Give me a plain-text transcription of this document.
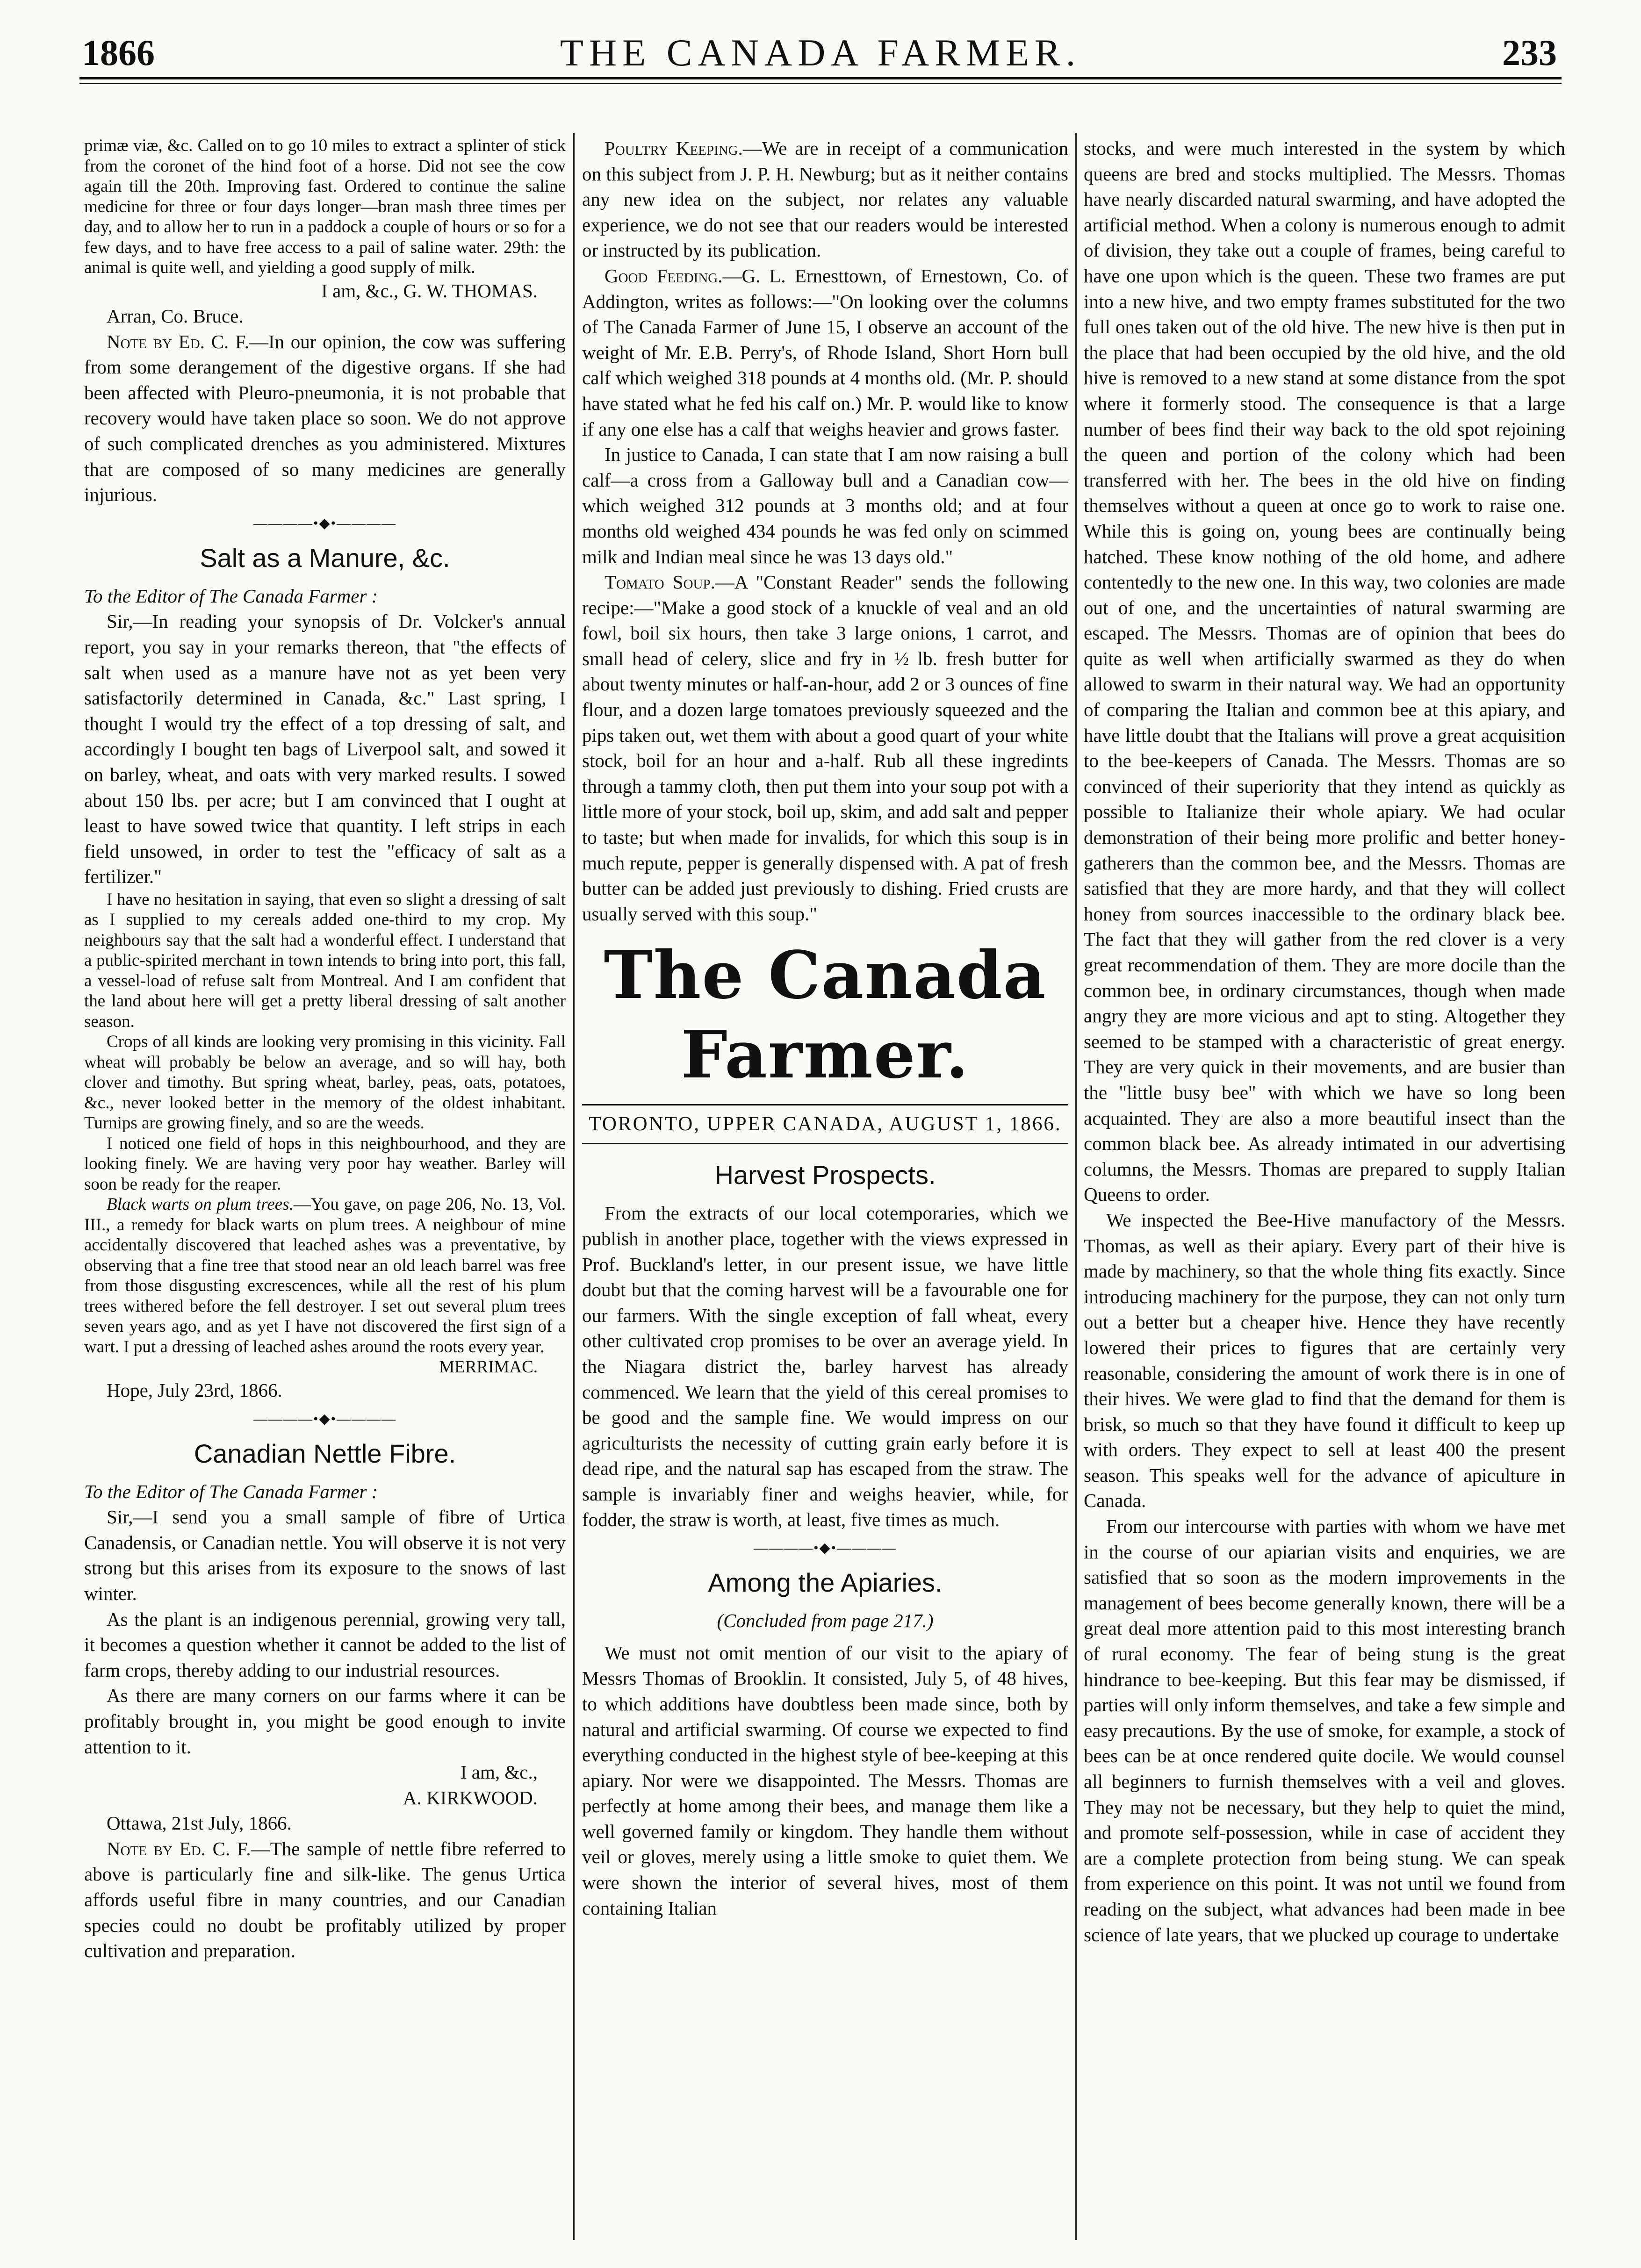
1866	THE CANADA FARMER.	233

primæ viæ, &c. Called on to go 10 miles to extract a splinter of stick from the coronet of the hind foot of a horse. Did not see the cow again till the 20th. Improving fast. Ordered to continue the saline medicine for three or four days longer—bran mash three times per day, and to allow her to run in a paddock a couple of hours or so for a few days, and to have free access to a pail of saline water. 29th: the animal is quite well, and yielding a good supply of milk.

I am, &c., G. W. THOMAS.

Arran, Co. Bruce.

Note by Ed. C. F.—In our opinion, the cow was suffering from some derangement of the digestive organs. If she had been affected with Pleuro-pneumonia, it is not probable that recovery would have taken place so soon. We do not approve of such complicated drenches as you administered. Mixtures that are composed of so many medicines are generally injurious.

————•◆•————
Salt as a Manure, &c.

To the Editor of The Canada Farmer :

Sir,—In reading your synopsis of Dr. Volcker's annual report, you say in your remarks thereon, that "the effects of salt when used as a manure have not as yet been very satisfactorily determined in Canada, &c." Last spring, I thought I would try the effect of a top dressing of salt, and accordingly I bought ten bags of Liverpool salt, and sowed it on barley, wheat, and oats with very marked results. I sowed about 150 lbs. per acre; but I am convinced that I ought at least to have sowed twice that quantity. I left strips in each field unsowed, in order to test the "efficacy of salt as a fertilizer."

I have no hesitation in saying, that even so slight a dressing of salt as I supplied to my cereals added one-third to my crop. My neighbours say that the salt had a wonderful effect. I understand that a public-spirited merchant in town intends to bring into port, this fall, a vessel-load of refuse salt from Montreal. And I am confident that the land about here will get a pretty liberal dressing of salt another season.

Crops of all kinds are looking very promising in this vicinity. Fall wheat will probably be below an average, and so will hay, both clover and timothy. But spring wheat, barley, peas, oats, potatoes, &c., never looked better in the memory of the oldest inhabitant. Turnips are growing finely, and so are the weeds.

I noticed one field of hops in this neighbourhood, and they are looking finely. We are having very poor hay weather. Barley will soon be ready for the reaper.

Black warts on plum trees.—You gave, on page 206, No. 13, Vol. III., a remedy for black warts on plum trees. A neighbour of mine accidentally discovered that leached ashes was a preventative, by observing that a fine tree that stood near an old leach barrel was free from those disgusting excrescences, while all the rest of his plum trees withered before the fell destroyer. I set out several plum trees seven years ago, and as yet I have not discovered the first sign of a wart. I put a dressing of leached ashes around the roots every year.

MERRIMAC.

Hope, July 23rd, 1866.

————•◆•————
Canadian Nettle Fibre.

To the Editor of The Canada Farmer :

Sir,—I send you a small sample of fibre of Urtica Canadensis, or Canadian nettle. You will observe it is not very strong but this arises from its exposure to the snows of last winter.

As the plant is an indigenous perennial, growing very tall, it becomes a question whether it cannot be added to the list of farm crops, thereby adding to our industrial resources.

As there are many corners on our farms where it can be profitably brought in, you might be good enough to invite attention to it.

I am, &c.,

A. KIRKWOOD.

Ottawa, 21st July, 1866.

Note by Ed. C. F.—The sample of nettle fibre referred to above is particularly fine and silk-like. The genus Urtica affords useful fibre in many countries, and our Canadian species could no doubt be profitably utilized by proper cultivation and preparation.

Poultry Keeping.—We are in receipt of a communication on this subject from J. P. H. Newburg; but as it neither contains any new idea on the subject, nor relates any valuable experience, we do not see that our readers would be interested or instructed by its publication.

Good Feeding.—G. L. Ernesttown, of Ernestown, Co. of Addington, writes as follows:—"On looking over the columns of The Canada Farmer of June 15, I observe an account of the weight of Mr. E.B. Perry's, of Rhode Island, Short Horn bull calf which weighed 318 pounds at 4 months old. (Mr. P. should have stated what he fed his calf on.) Mr. P. would like to know if any one else has a calf that weighs heavier and grows faster.

In justice to Canada, I can state that I am now raising a bull calf—a cross from a Galloway bull and a Canadian cow—which weighed 312 pounds at 3 months old; and at four months old weighed 434 pounds he was fed only on scimmed milk and Indian meal since he was 13 days old."

Tomato Soup.—A "Constant Reader" sends the following recipe:—"Make a good stock of a knuckle of veal and an old fowl, boil six hours, then take 3 large onions, 1 carrot, and small head of celery, slice and fry in ½ lb. fresh butter for about twenty minutes or half-an-hour, add 2 or 3 ounces of fine flour, and a dozen large tomatoes previously squeezed and the pips taken out, wet them with about a good quart of your white stock, boil for an hour and a-half. Rub all these ingredints through a tammy cloth, then put them into your soup pot with a little more of your stock, boil up, skim, and add salt and pepper to taste; but when made for invalids, for which this soup is in much repute, pepper is generally dispensed with. A pat of fresh butter can be added just previously to dishing. Fried crusts are usually served with this soup."

The Canada Farmer.
TORONTO, UPPER CANADA, AUGUST 1, 1866.
Harvest Prospects.

From the extracts of our local cotemporaries, which we publish in another place, together with the views expressed in Prof. Buckland's letter, in our present issue, we have little doubt but that the coming harvest will be a favourable one for our farmers. With the single exception of fall wheat, every other cultivated crop promises to be over an average yield. In the Niagara district the, barley harvest has already commenced. We learn that the yield of this cereal promises to be good and the sample fine. We would impress on our agriculturists the necessity of cutting grain early before it is dead ripe, and the natural sap has escaped from the straw. The sample is invariably finer and weighs heavier, while, for fodder, the straw is worth, at least, five times as much.

————•◆•————
Among the Apiaries.
(Concluded from page 217.)

We must not omit mention of our visit to the apiary of Messrs Thomas of Brooklin. It consisted, July 5, of 48 hives, to which additions have doubtless been made since, both by natural and artificial swarming. Of course we expected to find everything conducted in the highest style of bee-keeping at this apiary. Nor were we disappointed. The Messrs. Thomas are perfectly at home among their bees, and manage them like a well governed family or kingdom. They handle them without veil or gloves, merely using a little smoke to quiet them. We were shown the interior of several hives, most of them containing Italian

stocks, and were much interested in the system by which queens are bred and stocks multiplied. The Messrs. Thomas have nearly discarded natural swarming, and have adopted the artificial method. When a colony is numerous enough to admit of division, they take out a couple of frames, being careful to have one upon which is the queen. These two frames are put into a new hive, and two empty frames substituted for the two full ones taken out of the old hive. The new hive is then put in the place that had been occupied by the old hive, and the old hive is removed to a new stand at some distance from the spot where it formerly stood. The consequence is that a large number of bees find their way back to the old spot rejoining the queen and portion of the colony which had been transferred with her. The bees in the old hive on finding themselves without a queen at once go to work to raise one. While this is going on, young bees are continually being hatched. These know nothing of the old home, and adhere contentedly to the new one. In this way, two colonies are made out of one, and the uncertainties of natural swarming are escaped. The Messrs. Thomas are of opinion that bees do quite as well when artificially swarmed as they do when allowed to swarm in their natural way. We had an opportunity of comparing the Italian and common bee at this apiary, and have little doubt that the Italians will prove a great acquisition to the bee-keepers of Canada. The Messrs. Thomas are so convinced of their superiority that they intend as quickly as possible to Italianize their whole apiary. We had ocular demonstration of their being more prolific and better honey-gatherers than the common bee, and the Messrs. Thomas are satisfied that they are more hardy, and that they will collect honey from sources inaccessible to the ordinary black bee. The fact that they will gather from the red clover is a very great recommendation of them. They are more docile than the common bee, in ordinary circumstances, though when made angry they are more vicious and apt to sting. Altogether they seemed to be stamped with a characteristic of great energy. They are very quick in their movements, and are busier than the "little busy bee" with which we have so long been acquainted. They are also a more beautiful insect than the common black bee. As already intimated in our advertising columns, the Messrs. Thomas are prepared to supply Italian Queens to order.

We inspected the Bee-Hive manufactory of the Messrs. Thomas, as well as their apiary. Every part of their hive is made by machinery, so that the whole thing fits exactly. Since introducing machinery for the purpose, they can not only turn out a better but a cheaper hive. Hence they have recently lowered their prices to figures that are certainly very reasonable, considering the amount of work there is in one of their hives. We were glad to find that the demand for them is brisk, so much so that they have found it difficult to keep up with orders. They expect to sell at least 400 the present season. This speaks well for the advance of apiculture in Canada.

From our intercourse with parties with whom we have met in the course of our apiarian visits and enquiries, we are satisfied that so soon as the modern improvements in the management of bees become generally known, there will be a great deal more attention paid to this most interesting branch of rural economy. The fear of being stung is the great hindrance to bee-keeping. But this fear may be dismissed, if parties will only inform themselves, and take a few simple and easy precautions. By the use of smoke, for example, a stock of bees can be at once rendered quite docile. We would counsel all beginners to furnish themselves with a veil and gloves. They may not be necessary, but they help to quiet the mind, and promote self-possession, while in case of accident they are a complete protection from being stung. We can speak from experience on this point. It was not until we found from reading on the subject, what advances had been made in bee science of late years, that we plucked up courage to undertake
